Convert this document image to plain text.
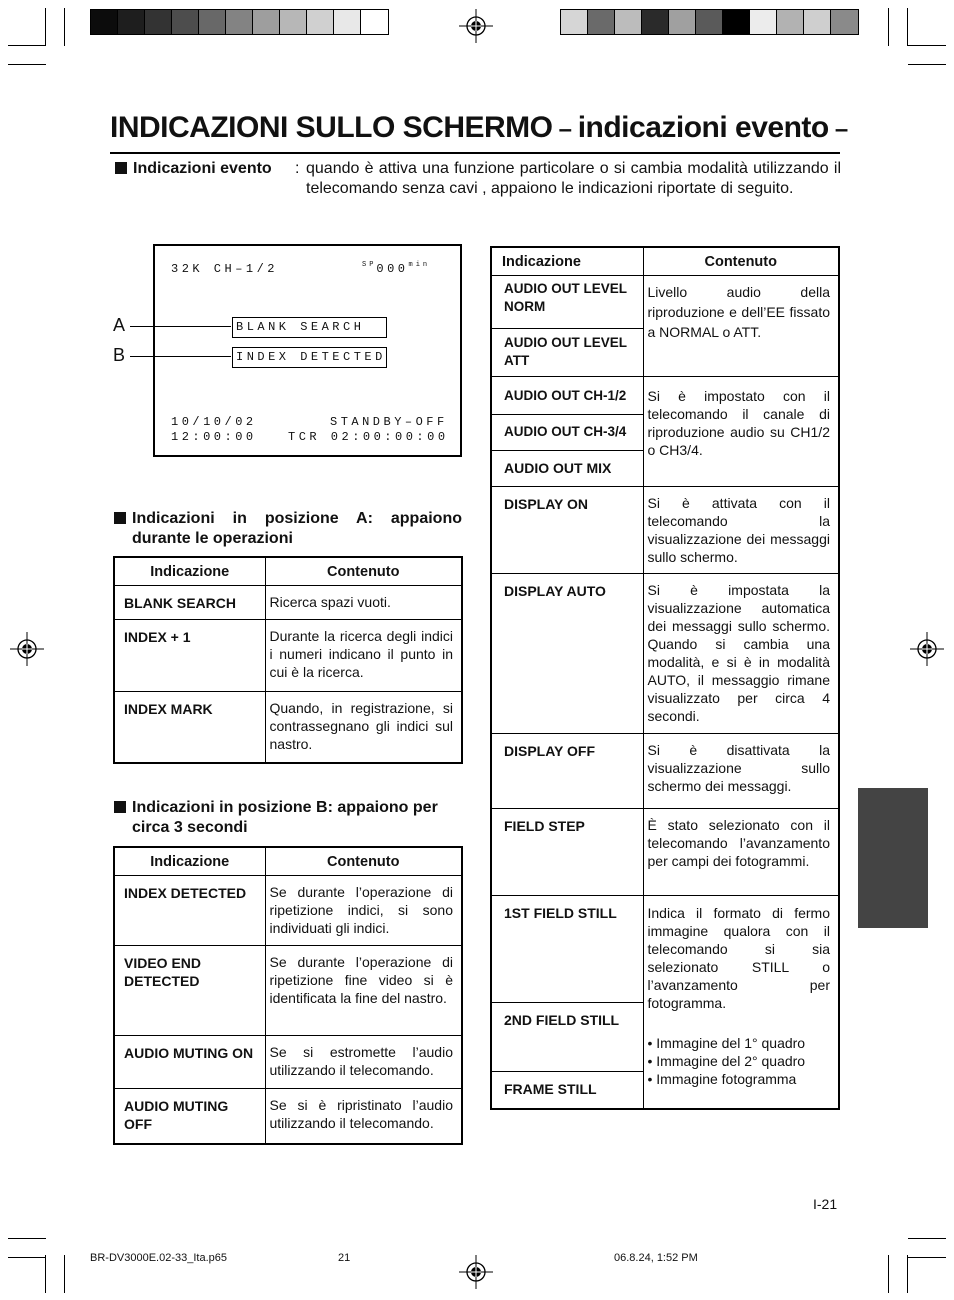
INDICAZIONI SULLO SCHERMO – indicazioni evento –
Indicazioni evento : quando è attiva una funzione particolare o si cambia modalità utilizzando il telecomando senza cavi , appaiono le indicazioni riportate di seguito.
32K CH–1/2	$^{SP}000^{min}$
BLANK SEARCH
INDEX DETECTED
10/10/02
12:00:00
STANDBY–OFF
TCR 02:00:00:00
A
B
Indicazioni in posizione A: appaiono durante le operazioni
Indicazione	Contenuto
BLANK SEARCH	Ricerca spazi vuoti.
INDEX + 1	Durante la ricerca degli indici i numeri indicano il punto in cui è la ricerca.
INDEX MARK	Quando, in registrazione, si contrassegnano gli indici sul nastro.
Indicazioni in posizione B: appaiono per circa 3 secondi
Indicazione	Contenuto
INDEX DETECTED	Se durante l’operazione di ripetizione indici, si sono individuati gli indici.
VIDEO END DETECTED	Se durante l’operazione di ripetizione fine video si è identificata la fine del nastro.
AUDIO MUTING ON	Se si estromette l’audio utilizzando il telecomando.
AUDIO MUTING OFF	Se si è ripristinato l’audio utilizzando il telecomando.
Indicazione	Contenuto
AUDIO OUT LEVEL NORM	Livello audio della riproduzione e dell’EE fissato a NORMAL o ATT.
AUDIO OUT LEVEL ATT	
AUDIO OUT CH-1/2	Si è impostato con il telecomando il canale di riproduzione audio su CH1/2 o CH3/4.
AUDIO OUT CH-3/4	
AUDIO OUT MIX	
DISPLAY ON	Si è attivata con il telecomando la visualizzazione dei messaggi sullo schermo.
DISPLAY AUTO	Si è impostata la visualizzazione automatica dei messaggi sullo schermo. Quando si cambia una modalità, e si è in modalità AUTO, il messaggio rimane visualizzato per circa 4 secondi.
DISPLAY OFF	Si è disattivata la visualizzazione sullo schermo dei messaggi.
FIELD STEP	È stato selezionato con il telecomando l’avanzamento per campi dei fotogrammi.
1ST FIELD STILL	Indica il formato di fermo immagine qualora con il telecomando si sia selezionato STILL o l’avanzamento per fotogramma.
• Immagine del 1° quadro
• Immagine del 2° quadro
• Immagine fotogramma

2ND FIELD STILL	
FRAME STILL	
I-21
BR-DV3000E.02-33_Ita.p65	21	06.8.24, 1:52 PM
